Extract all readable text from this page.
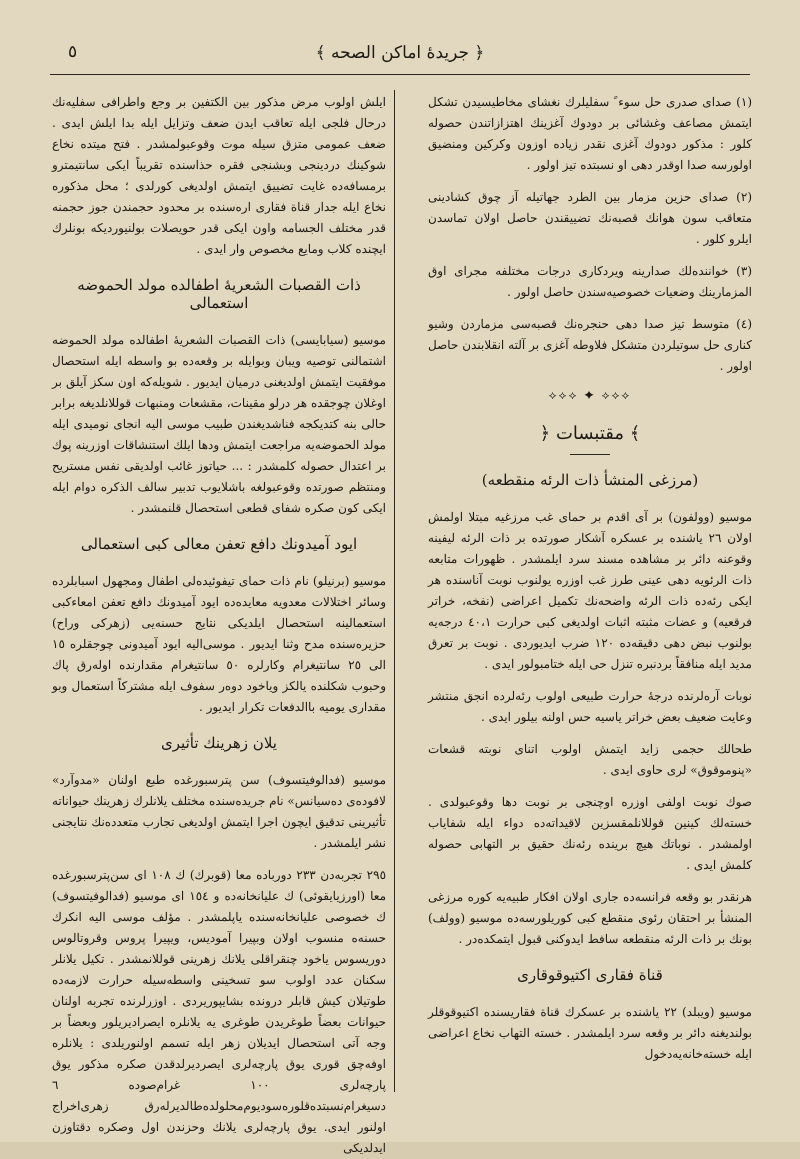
﴿ جریدهٔ اماکن الصحه ﴾
٥

(١) صدای صدری حل سوء ً سفلیلرك نغشای مخاطیسیدن تشکل ایتمش مصاعف وغشائی بر دودوك آغزینك اهتزازاتندن حصوله کلور : مذکور دودوك آغزی نقدر زیاده اوزون وکرکین ومنضیق اولورسه صدا اوقدر دهی او نسبتده تیز اولور .

(٢) صدای حزین مزمار بین الطرد جهاتیله آز چوق کشادینی متعاقب سون هوانك قصبه‌نك تضییقندن حاصل اولان تماسدن ایلرو کلور .

(٣) خوانندەلك صدارینه ویردکاری درجات مختلفه مجرای اوق المزمارینك وضعیات خصوصیه‌سندن حاصل اولور .

(٤) متوسط تیز صدا دهی حنجره‌نك قصبه‌سی مزماردن وشیو کناری حل سوتیلردن متشکل فلاوطه آغزی بر آلته انقلابندن حاصل اولور .

⟡⟡⟡ ✦ ⟡⟡⟡
﴾ مقتبسات ﴿
(مرزغی المنشأ ذات الرئه منقطعه)

موسیو (وولفون) بر آی اقدم بر حمای غب مرزغیه مبتلا اولمش اولان ٢٦ یاشنده بر عسکره آشکار صورتده بر ذات الرئه لیفینه وقوعنه دائر بر مشاهده مسند سرد ایلمشدر . ظهورات متابعه ذات الرئویه دهی عینی طرز غب اوزره یولنوب نوبت آناسنده هر ایکی رئه‌ده ذات الرئه واضحه‌نك تکمیل اعراضی (نفخه، خراتر فرقعیه) و عضات مثبته اثبات اولدیغی کبی حرارت ٤٠،١ درجه‌یه بولنوب نبض دهی دقیقه‌ده ١٢٠ ضرب ایدیوردی . نوبت بر تعرق مدید ایله منافقاً بردنبره تنزل حی ایله ختامبولور ایدی .

نوبات آرەلرنده درجهٔ حرارت طبیعی اولوب رئه‌لرده انجق منتشر وعایت ضعیف بعض خراتر یاسیه حس اولنه بیلور ایدی .

طحالك حجمی زاید ایتمش اولوب اتنای نوبته قشعات «پنوموقوق» لری حاوی ایدی .

صوك نوبت اولفی اوزره اوچنجی بر نوبت دها وقوعبولدی . خسته‌لك کینین قوللانلمقسزین لاقیداته‌ده دواء ایله شفایاب اولمشدر . نوباتك هیچ برینده رئه‌نك حقیق بر التهابی حصوله کلمش ایدی .

هرنقدر بو وقعه فرانسه‌ده جاری اولان افکار طبیه‌یه کوره مرزغی المنشأ بر احتقان رئوی منقطع کبی کوریلورسه‌ده موسیو (وولف) بونك بر ذات الرئه منقطعه‌ سافط ایدوکنی قبول ایتمکده‌در .

قناة فقاری اکتیوقوقاری

موسیو (ویبلد) ٢٢ یاشنده بر عسکرك قناة فقاریسنده اکتیوقوقلر بولندیغنه دائر بر وقعه سرد ایلمشدر . خسته التهاب نخاع اعراضی ایله خسته‌خانه‌یه‌دخول

ایلش اولوب مرض مذکور بین الکتفین بر وجع واطرافی سفلیه‌نك درحال فلجی ایله تعاقب ایدن ضعف وتزایل ایله بدا ایلش ایدی . ضعف عمومی متزق سیله موت وقوعبولمشدر . فتح میتده نخاع شوکینك دردینجی وبشنجی فقره حذاسنده تقریباً ایکی سانتیمترو برمسافه‌ده غایت تضییق ایتمش اولدیغی کورلدی ؛ محل مذکوره نخاع ایله جدار قناة فقاری ارەسنده بر محدود حجمندن جوز حجمنه قدر مختلف الجسامه واون ایکی قدر حویصلات بولنیوردیکه بونلرك ایچنده کلاب ومایع مخصوص وار ایدی .

ذات القصبات الشعریهٔ اطفالده مولد الحموضه استعمالی

موسیو (سیابایسی) ذات القصبات الشعریهٔ اطفالده مولد الحموضه اشتمالنی توصیه ویبان وبوایله بر وقعه‌ده بو واسطه ایله استحصال موفقیت ایتمش اولدیغنی درمیان ایدیور . شویله‌که اون سکز آیلق بر اوغلان چوجقده هر درلو مقینات، مقشعات ومنبهات قوللانلدیغه برابر حالی بنه کتدیکجه فناشدیغندن طبیب موسی الیه انجای نومیدی ایله مولد الحموضه‌یه مراجعت ایتمش ودها ایلك استنشاقات اوزرینه پوك بر اعتدال حصوله کلمشدر : ... حیاتوز غائب اولدیقی نفس مستریح ومنتظم صورتده وقوعبولغه باشلایوب تدبیر سالف الذکره دوام ایله ایکی کون صکره شفای قطعی استحصال قلنمشدر .

ایود آمیدونك دافع تعفن معالی کبی استعمالی

موسیو (برنیلو) نام ذات حمای تیفوئیده‌لی اطفال ومجهول اسبابلرده وسائر اختلالات معدویه معایده‌ده ایود آمیدونك دافع تعفن امعاءکبی استعمالینه استحصال ایلدیکی نتایج حسنه‌یی (زهرکی وراح) حزیرەسنده مدح وثنا ایدیور . موسی‌الیه ایود آمیدونی چوجقلره ١٥ الی ٢٥ سانتیغرام وکارلره ٥٠ سانتیغرام مقدارنده اولەرق پاك وحبوب شکلنده یالکز ویاخود دوەر سفوف ایله مشترکاً استعمال وبو مقداری یومیه باالدفعات تکرار ایدیور .

یلان زهرینك تأثیری

موسیو (فدالوفیتسوف) سن پترسبورغده طبع اولنان «مدوآرد» لافوده‌ی ده‌سیانس» نام جریده‌سنده مختلف یلانلرك زهرینك حیواناته تأثیرینی تدقیق ایچون اجرا ایتمش اولدیغی تجارب متعدده‌نك نتایجنی نشر ایلمشدر .

٢٩٥ تجربه‌دن ٢٣٣ دورباده معا (قوبرك) ك ١٠٨ ای سن‌پترسبورغده معا (اورزیایقوئی) ك علیانخانه‌ده و ١٥٤ ای موسیو (فدالوفیتسوف) ك خصوصی علیانخانه‌سنده یاپلمشدر . مؤلف موسی الیه انکرك حسنه‌ه منسوب اولان وبپیرا آمودیس، ویپیرا پروس وقروتالوس دوریسوس یاخود چنقراقلی یلانك زهرینی قوللانمشدر . تکیل یلانلر سکنان عدد اولوب سو تسخینی واسطه‌سیله حرارت لازمه‌ده طوتیلان کیش قابلر درونده بشایپوریردی . اوزرلرنده تجربه اولنان حیوانات بعضاً طوغریدن طوغری یه یلانلره‌ ایصرادیریلور وبعضاً بر وجه آتی استحصال ایدیلان زهر ایله تسمم اولنوریلدی : یلانلره اوفه‌چق قوری یوق پارچه‌لری ایصردیرلدقدن صکره مذکور یوق پارچه‌لری ١٠٠ غرام‌صوده ٦ دسیغرام‌نسبتده‌قلوره‌سودیوم‌محلولده‌طالدیرلەرق زهری‌اخراج اولنور ایدی. یوق پارچه‌لری یلانك وحزندن اول وصکره دقتاوزن ایدلدیکی
